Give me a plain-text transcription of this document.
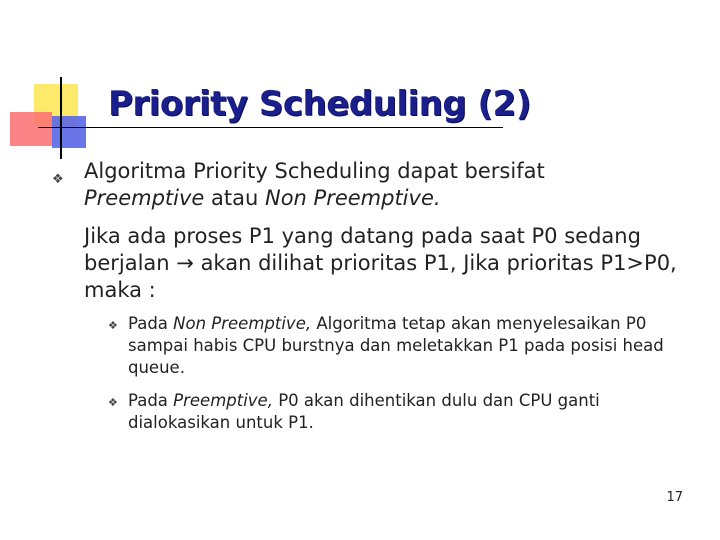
Priority Scheduling (2)
❖ Algoritma Priority Scheduling dapat bersifat
Preemptive atau Non Preemptive.

Jika ada proses P1 yang datang pada saat P0 sedang berjalan → akan dilihat prioritas P1, Jika prioritas P1>P0, maka :

❖ Pada Non Preemptive, Algoritma tetap akan menyelesaikan P0 sampai habis CPU burstnya dan meletakkan P1 pada posisi head queue.

❖ Pada Preemptive, P0 akan dihentikan dulu dan CPU ganti dialokasikan untuk P1.

17
